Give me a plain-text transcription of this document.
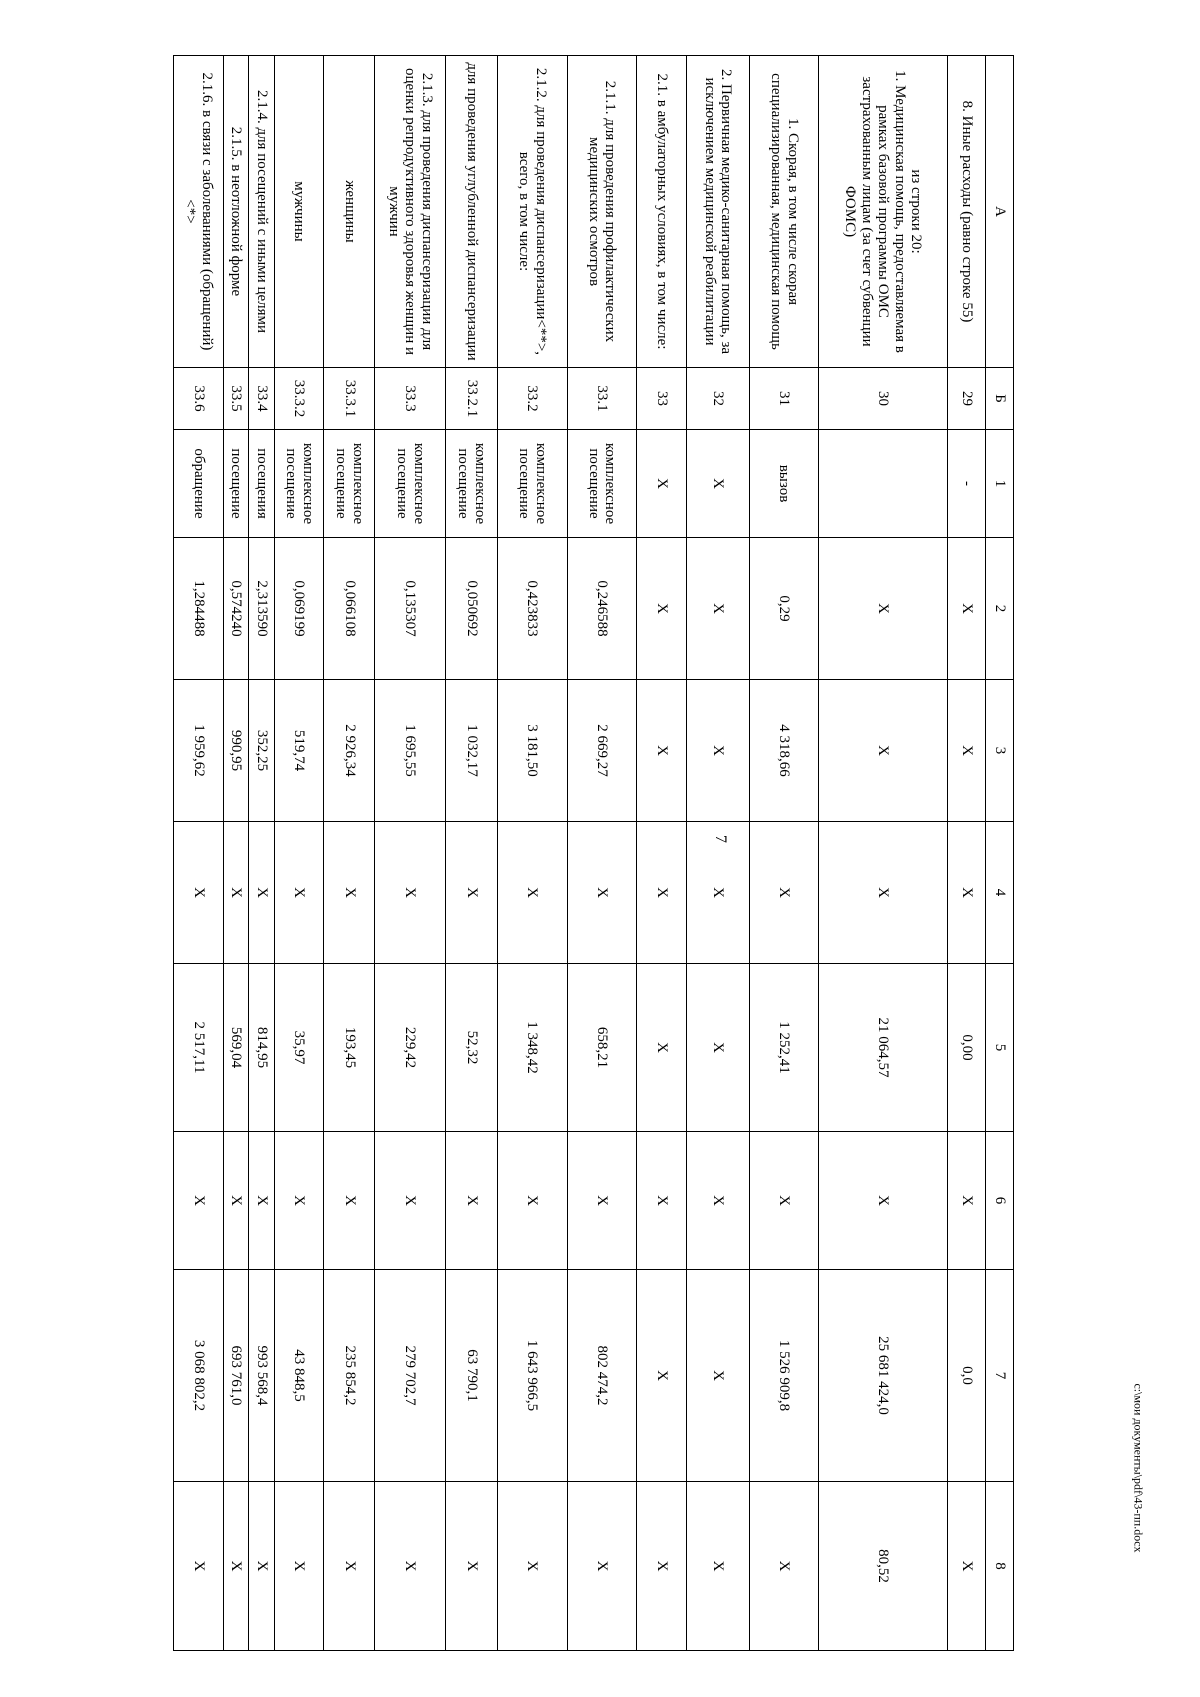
7
А	Б	1	2	3	4	5	6	7	8
8. Иные расходы (равно строке 55)	29	-	X	X	X	0,00	X	0,0	X
из строки 20:
1. Медицинская помощь, предоставляемая в рамках базовой программы ОМС застрахованным лицам (за счет субвенции ФОМС)	30		X	X	X	21 064,57	X	25 681 424,0	80,52
1. Скорая, в том числе скорая специализированная, медицинская помощь	31	вызов	0,29	4 318,66	X	1 252,41	X	1 526 909,8	X
2. Первичная медико-санитарная помощь, за исключением медицинской реабилитации	32	X	X	X	X	X	X	X	X
2.1. в амбулаторных условиях, в том числе:	33	X	X	X	X	X	X	X	X
2.1.1. для проведения профилактических медицинских осмотров	33.1	комплексное посещение	0,246588	2 669,27	X	658,21	X	802 474,2	X
2.1.2. для проведения диспансеризации<**>, всего, в том числе:	33.2	комплексное посещение	0,423833	3 181,50	X	1 348,42	X	1 643 966,5	X
для проведения углубленной диспансеризации	33.2.1	комплексное посещение	0,050692	1 032,17	X	52,32	X	63 790,1	X
2.1.3. для проведения диспансеризации для оценки репродуктивного здоровья женщин и мужчин	33.3	комплексное посещение	0,135307	1 695,55	X	229,42	X	279 702,7	X
женщины	33.3.1	комплексное посещение	0,066108	2 926,34	X	193,45	X	235 854,2	X
мужчины	33.3.2	комплексное посещение	0,069199	519,74	X	35,97	X	43 848,5	X
2.1.4. для посещений с иными целями	33.4	посещения	2,313590	352,25	X	814,95	X	993 568,4	X
2.1.5. в неотложной форме	33.5	посещение	0,574240	990,95	X	569,04	X	693 761,0	X
2.1.6. в связи с заболеваниями (обращений) <*>	33.6	обращение	1,284488	1 959,62	X	2 517,11	X	3 068 802,2	X
c:\мои документы\pdf\43-пп.docx
